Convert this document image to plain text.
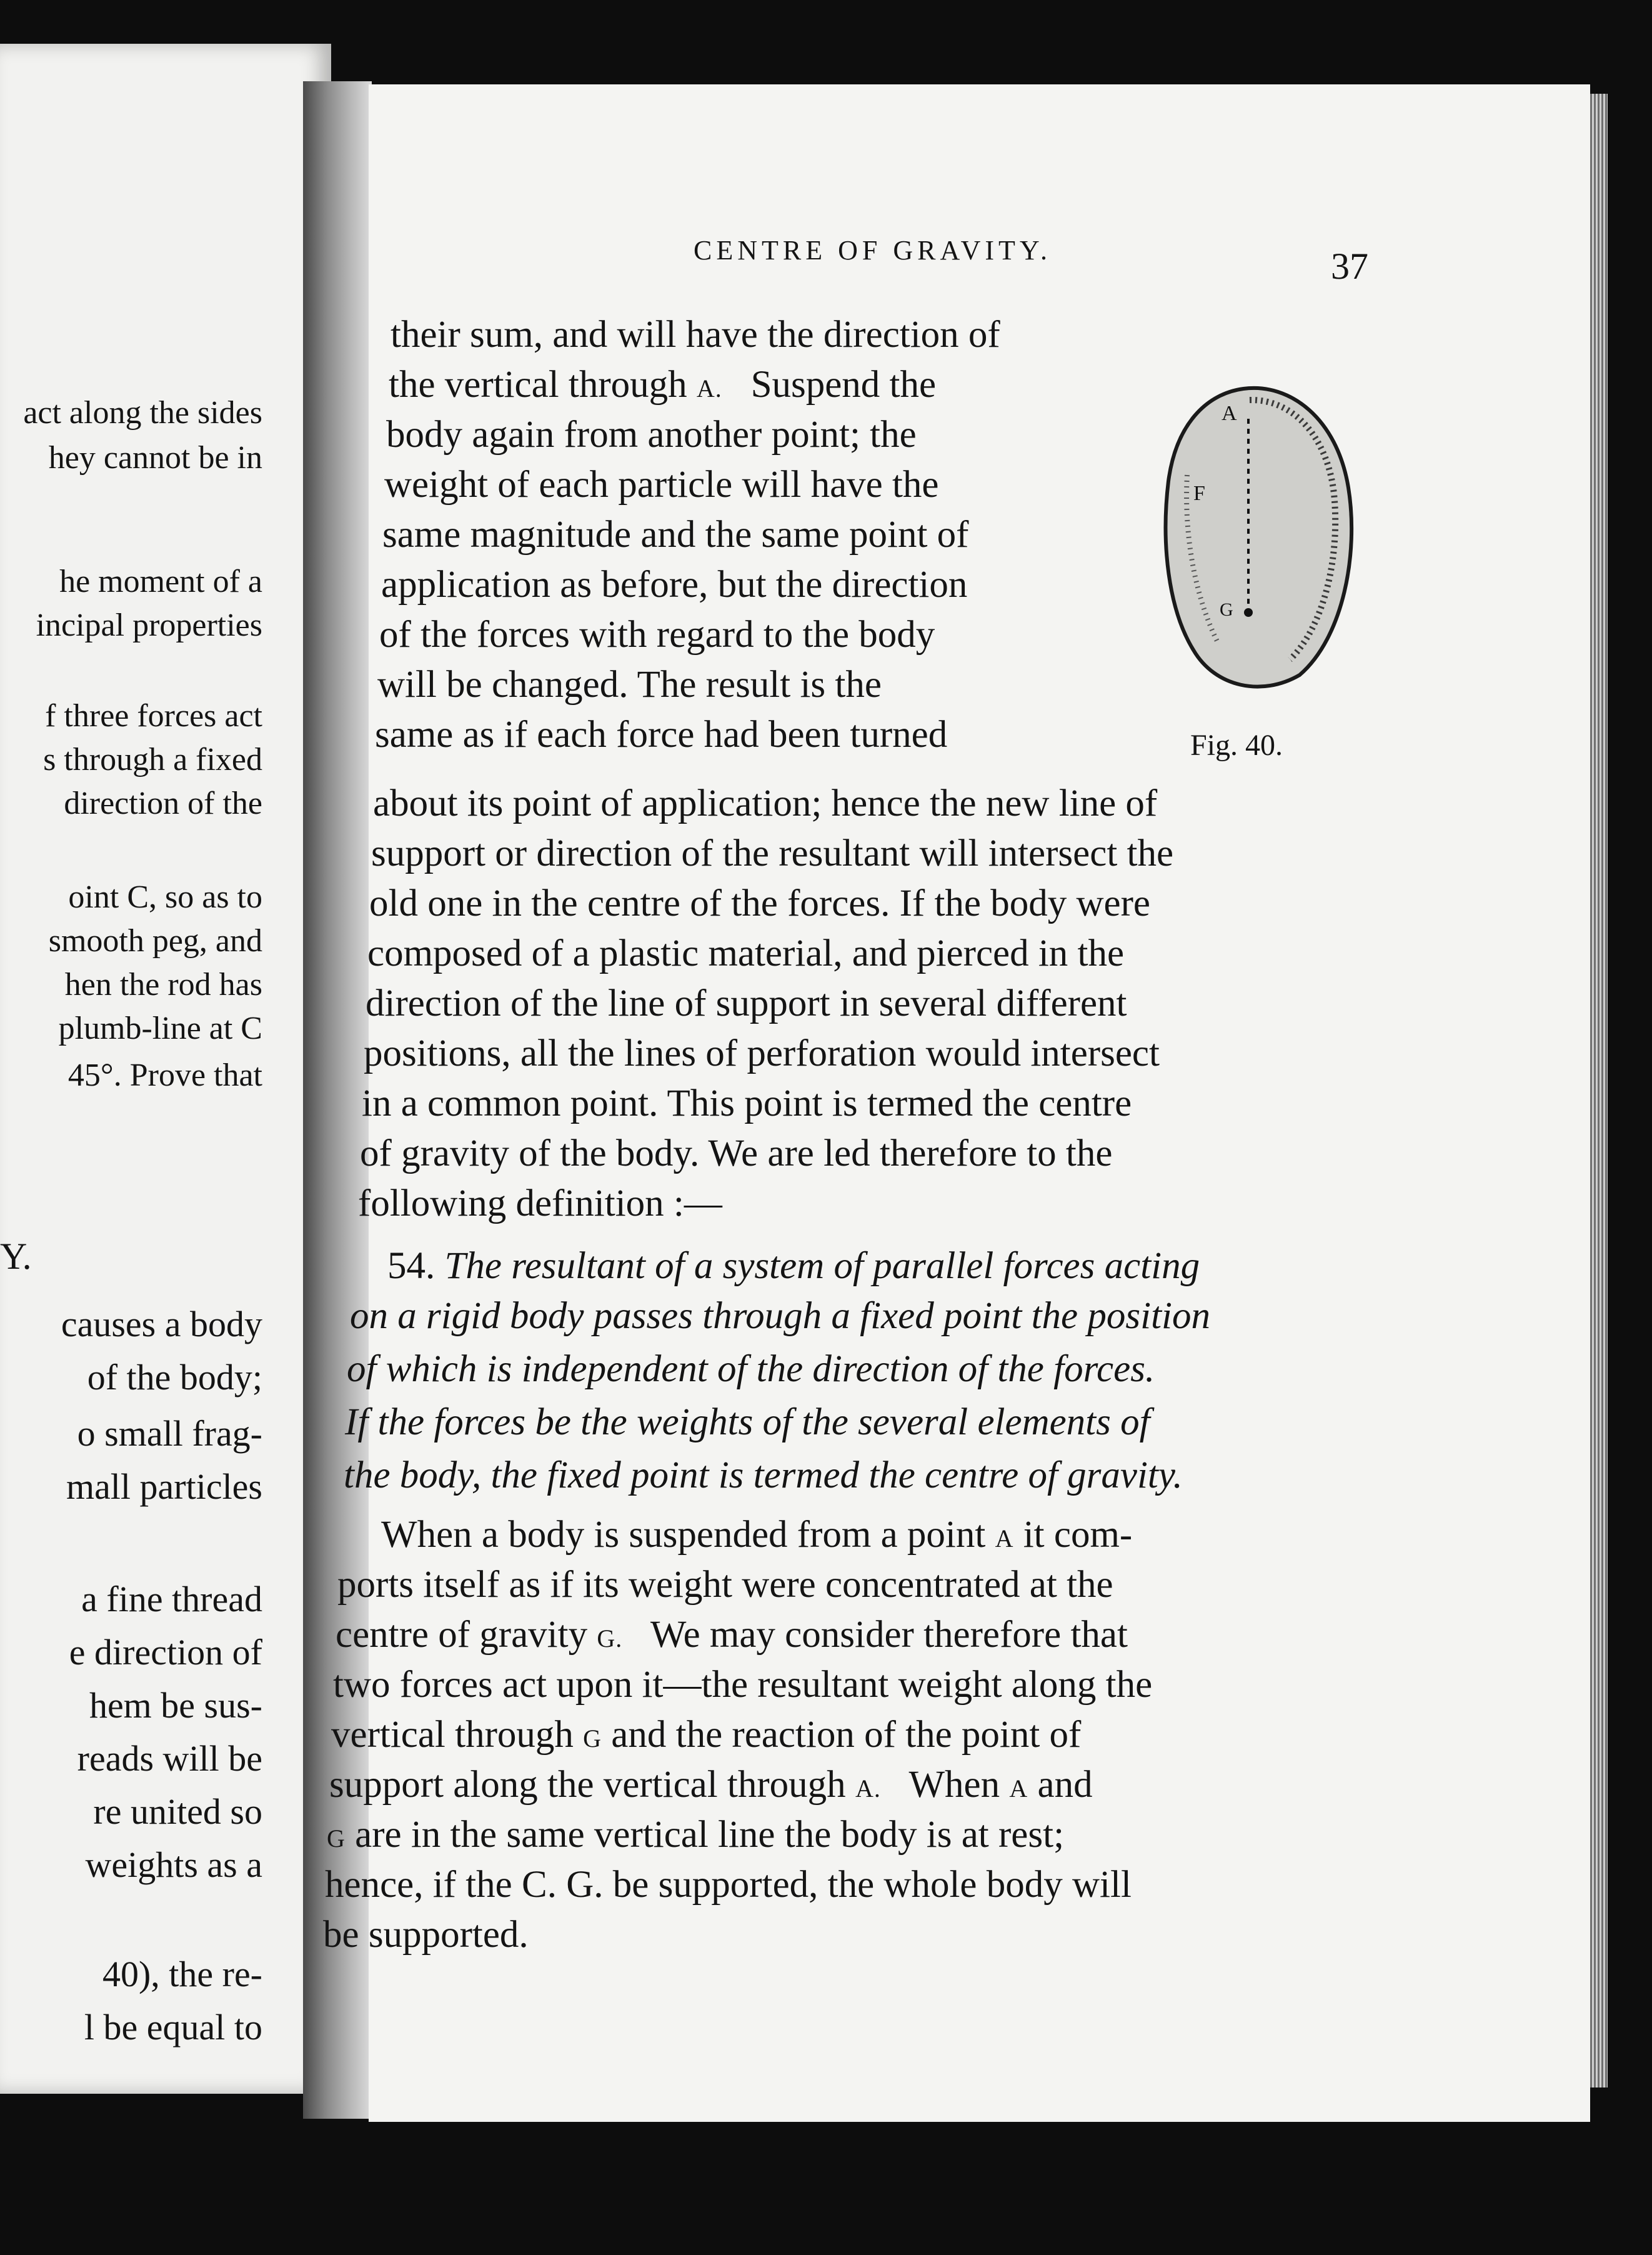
act along the sides
hey cannot be in
he moment of a
incipal properties
f three forces act
s through a fixed
direction of the
oint C, so as to
smooth peg, and
hen the rod has
plumb-line at C
45°. Prove that
Y.
causes a body
of the body;
o small frag-
mall particles
a fine thread
e direction of
hem be sus-
reads will be
re united so
weights as a
40), the re-
l be equal to
CENTRE OF GRAVITY.	37
their sum, and will have the direction of
the vertical through A. Suspend the
body again from another point; the
weight of each particle will have the
same magnitude and the same point of
application as before, but the direction
of the forces with regard to the body
will be changed. The result is the
same as if each force had been turned
about its point of application; hence the new line of
support or direction of the resultant will intersect the
old one in the centre of the forces. If the body were
composed of a plastic material, and pierced in the
direction of the line of support in several different
positions, all the lines of perforation would intersect
in a common point. This point is termed the centre
of gravity of the body. We are led therefore to the
following definition :—
54. The resultant of a system of parallel forces acting
on a rigid body passes through a fixed point the position
of which is independent of the direction of the forces.
If the forces be the weights of the several elements of
the body, the fixed point is termed the centre of gravity.
When a body is suspended from a point A it com-
ports itself as if its weight were concentrated at the
centre of gravity G. We may consider therefore that
two forces act upon it—the resultant weight along the
vertical through G and the reaction of the point of
support along the vertical through A. When A and
G are in the same vertical line the body is at rest;
hence, if the C. G. be supported, the whole body will
be supported.
A
F
G
Fig. 40.
